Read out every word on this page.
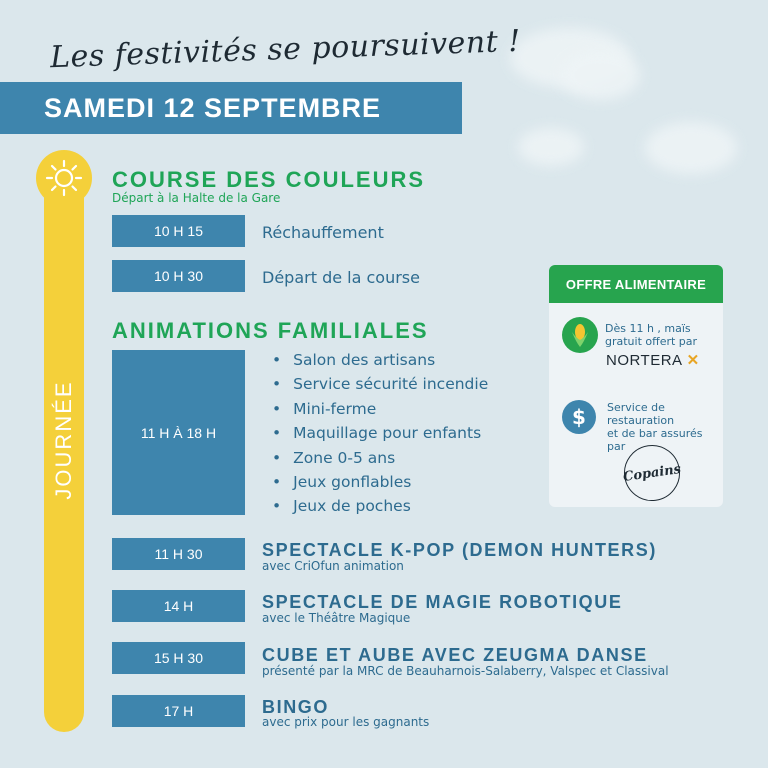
Les festivités se poursuivent !
SAMEDI 12 SEPTEMBRE
JOURNÉE
COURSE DES COULEURS
Départ à la Halte de la Gare
10 H 15	Réchauffement
10 H 30	Départ de la course
ANIMATIONS FAMILIALES
11 H À 18 H
• Salon des artisans
• Service sécurité incendie
• Mini-ferme
• Maquillage pour enfants
• Zone 0-5 ans
• Jeux gonflables
• Jeux de poches
11 H 30	SPECTACLE K-POP (DEMON HUNTERS)
avec CriOfun animation
14 H	SPECTACLE DE MAGIE ROBOTIQUE
avec le Théâtre Magique
15 H 30	CUBE ET AUBE AVEC ZEUGMA DANSE
présenté par la MRC de Beauharnois-Salaberry, Valspec et Classival
17 H	BINGO
avec prix pour les gagnants
OFFRE ALIMENTAIRE
Dès 11 h , maïs
gratuit offert par
NORTERA ✕
$	Service de
restauration
et de bar assurés
par
Copains
